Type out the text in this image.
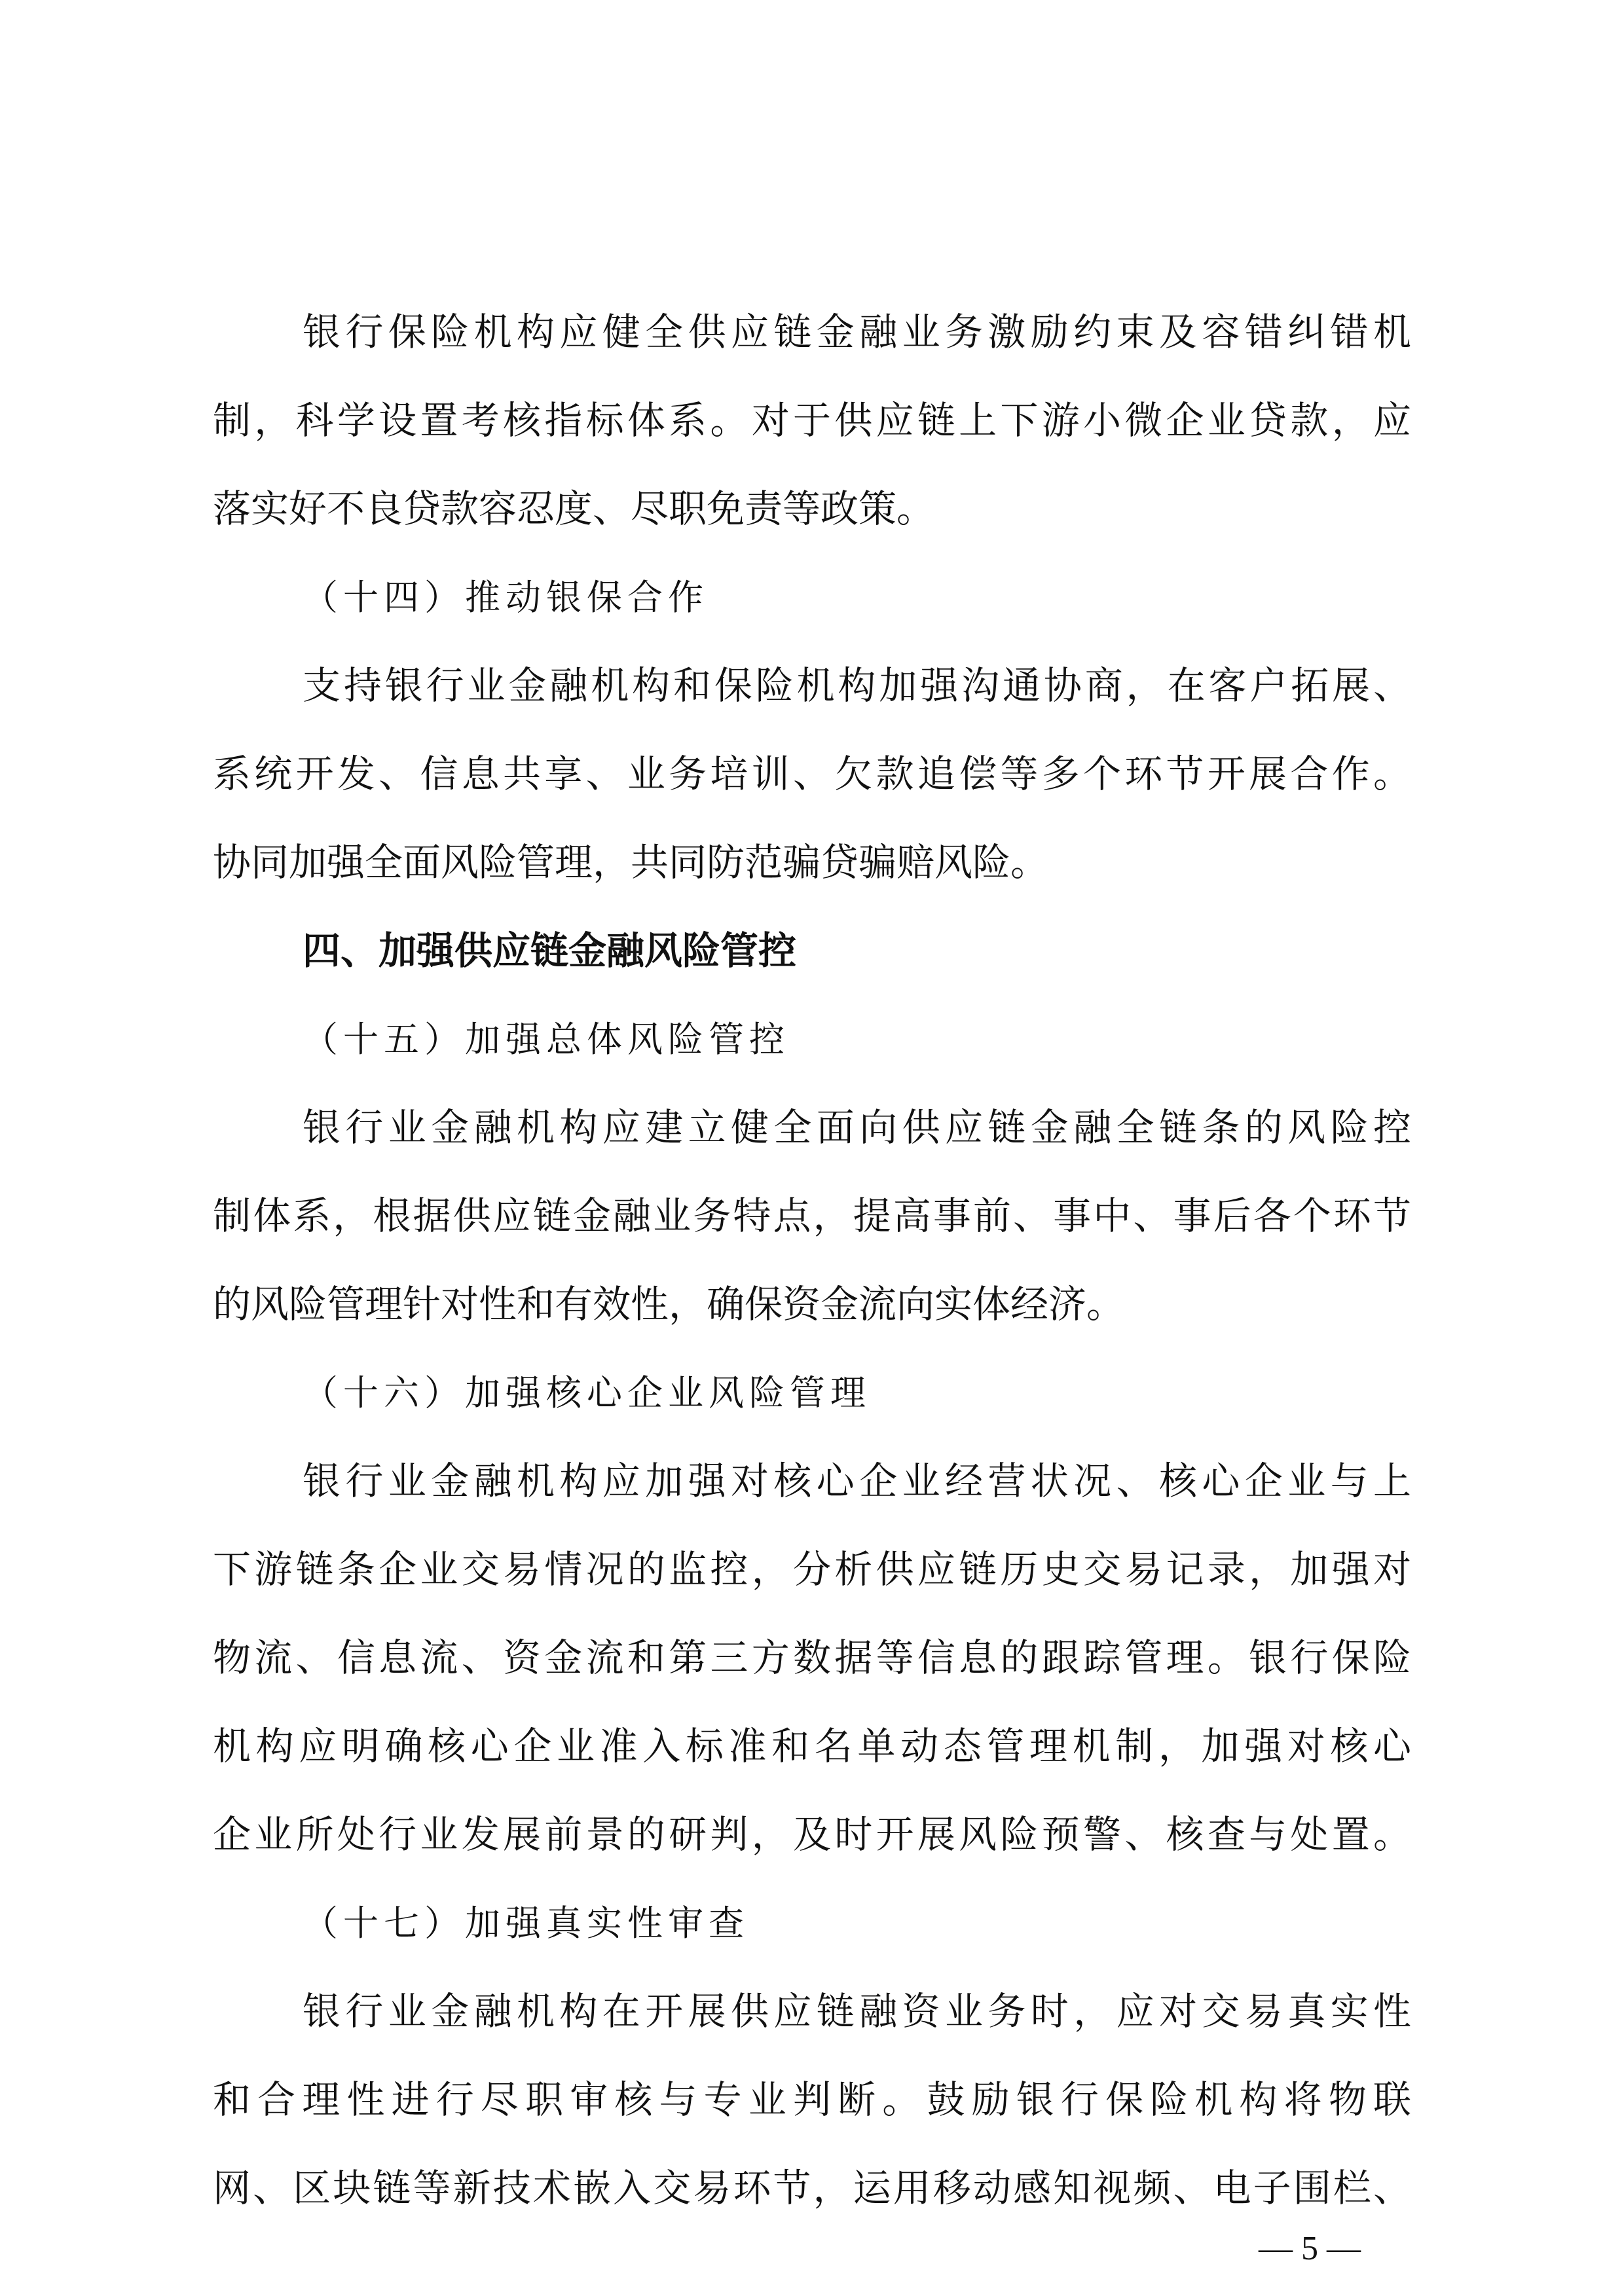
银行保险机构应健全供应链金融业务激励约束及容错纠错机

制，科学设置考核指标体系。对于供应链上下游小微企业贷款，应

落实好不良贷款容忍度、尽职免责等政策。

（十四）推动银保合作

支持银行业金融机构和保险机构加强沟通协商，在客户拓展、

系统开发、信息共享、业务培训、欠款追偿等多个环节开展合作。

协同加强全面风险管理，共同防范骗贷骗赔风险。

四、加强供应链金融风险管控

（十五）加强总体风险管控

银行业金融机构应建立健全面向供应链金融全链条的风险控

制体系，根据供应链金融业务特点，提高事前、事中、事后各个环节

的风险管理针对性和有效性，确保资金流向实体经济。

（十六）加强核心企业风险管理

银行业金融机构应加强对核心企业经营状况、核心企业与上

下游链条企业交易情况的监控，分析供应链历史交易记录，加强对

物流、信息流、资金流和第三方数据等信息的跟踪管理。银行保险

机构应明确核心企业准入标准和名单动态管理机制，加强对核心

企业所处行业发展前景的研判，及时开展风险预警、核查与处置。

（十七）加强真实性审查

银行业金融机构在开展供应链融资业务时，应对交易真实性

和合理性进行尽职审核与专业判断。鼓励银行保险机构将物联

网、区块链等新技术嵌入交易环节，运用移动感知视频、电子围栏、

— 5 —
